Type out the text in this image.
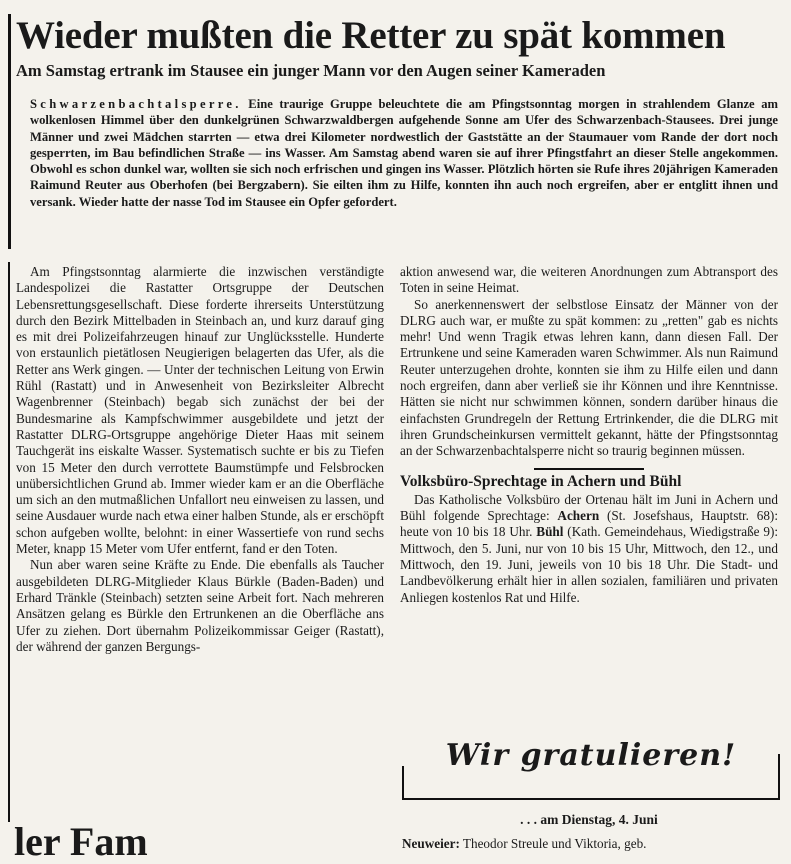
Wieder mußten die Retter zu spät kommen
Am Samstag ertrank im Stausee ein junger Mann vor den Augen seiner Kameraden
Schwarzenbachtalsperre. Eine traurige Gruppe beleuchtete die am Pfingstsonntag morgen in strahlendem Glanze am wolkenlosen Himmel über den dunkelgrünen Schwarzwaldbergen aufgehende Sonne am Ufer des Schwarzenbach-Stausees. Drei junge Männer und zwei Mädchen starrten — etwa drei Kilometer nordwestlich der Gaststätte an der Staumauer vom Rande der dort noch gesperrten, im Bau befindlichen Straße — ins Wasser. Am Samstag abend waren sie auf ihrer Pfingstfahrt an dieser Stelle angekommen. Obwohl es schon dunkel war, wollten sie sich noch erfrischen und gingen ins Wasser. Plötzlich hörten sie Rufe ihres 20jährigen Kameraden Raimund Reuter aus Oberhofen (bei Bergzabern). Sie eilten ihm zu Hilfe, konnten ihn auch noch ergreifen, aber er entglitt ihnen und versank. Wieder hatte der nasse Tod im Stausee ein Opfer gefordert.

Am Pfingstsonntag alarmierte die inzwischen verständigte Landespolizei die Rastatter Ortsgruppe der Deutschen Lebensrettungsgesellschaft. Diese forderte ihrerseits Unterstützung durch den Bezirk Mittelbaden in Steinbach an, und kurz darauf ging es mit drei Polizeifahrzeugen hinauf zur Unglücksstelle. Hunderte von erstaunlich pietätlosen Neugierigen belagerten das Ufer, als die Retter ans Werk gingen. — Unter der technischen Leitung von Erwin Rühl (Rastatt) und in Anwesenheit von Bezirksleiter Albrecht Wagenbrenner (Steinbach) begab sich zunächst der bei der Bundesmarine als Kampfschwimmer ausgebildete und jetzt der Rastatter DLRG-Ortsgruppe angehörige Dieter Haas mit seinem Tauchgerät ins eiskalte Wasser. Systematisch suchte er bis zu Tiefen von 15 Meter den durch verrottete Baumstümpfe und Felsbrocken unübersichtlichen Grund ab. Immer wieder kam er an die Oberfläche um sich an den mutmaßlichen Unfallort neu einweisen zu lassen, und seine Ausdauer wurde nach etwa einer halben Stunde, als er erschöpft schon aufgeben wollte, belohnt: in einer Wassertiefe von rund sechs Meter, knapp 15 Meter vom Ufer entfernt, fand er den Toten.

Nun aber waren seine Kräfte zu Ende. Die ebenfalls als Taucher ausgebildeten DLRG-Mitglieder Klaus Bürkle (Baden-Baden) und Erhard Tränkle (Steinbach) setzten seine Arbeit fort. Nach mehreren Ansätzen gelang es Bürkle den Ertrunkenen an die Oberfläche ans Ufer zu ziehen. Dort übernahm Polizeikommissar Geiger (Rastatt), der während der ganzen Bergungs-

aktion anwesend war, die weiteren Anordnungen zum Abtransport des Toten in seine Heimat.

So anerkennenswert der selbstlose Einsatz der Männer von der DLRG auch war, er mußte zu spät kommen: zu „retten" gab es nichts mehr! Und wenn Tragik etwas lehren kann, dann diesen Fall. Der Ertrunkene und seine Kameraden waren Schwimmer. Als nun Raimund Reuter unterzugehen drohte, konnten sie ihm zu Hilfe eilen und dann noch ergreifen, dann aber verließ sie ihr Können und ihre Kenntnisse. Hätten sie nicht nur schwimmen können, sondern darüber hinaus die einfachsten Grundregeln der Rettung Ertrinkender, die die DLRG mit ihren Grundscheinkursen vermittelt gekannt, hätte der Pfingstsonntag an der Schwarzenbachtalsperre nicht so traurig beginnen müssen.

Volksbüro-Sprechtage in Achern und Bühl

Das Katholische Volksbüro der Ortenau hält im Juni in Achern und Bühl folgende Sprechtage: Achern (St. Josefshaus, Hauptstr. 68): heute von 10 bis 18 Uhr. Bühl (Kath. Gemeindehaus, Wiedigstraße 9): Mittwoch, den 5. Juni, nur von 10 bis 15 Uhr, Mittwoch, den 12., und Mittwoch, den 19. Juni, jeweils von 10 bis 18 Uhr. Die Stadt- und Landbevölkerung erhält hier in allen sozialen, familiären und privaten Anliegen kostenlos Rat und Hilfe.

Wir gratulieren!
. . . am Dienstag, 4. Juni
Neuweier: Theodor Streule und Viktoria, geb.
ler Fam
